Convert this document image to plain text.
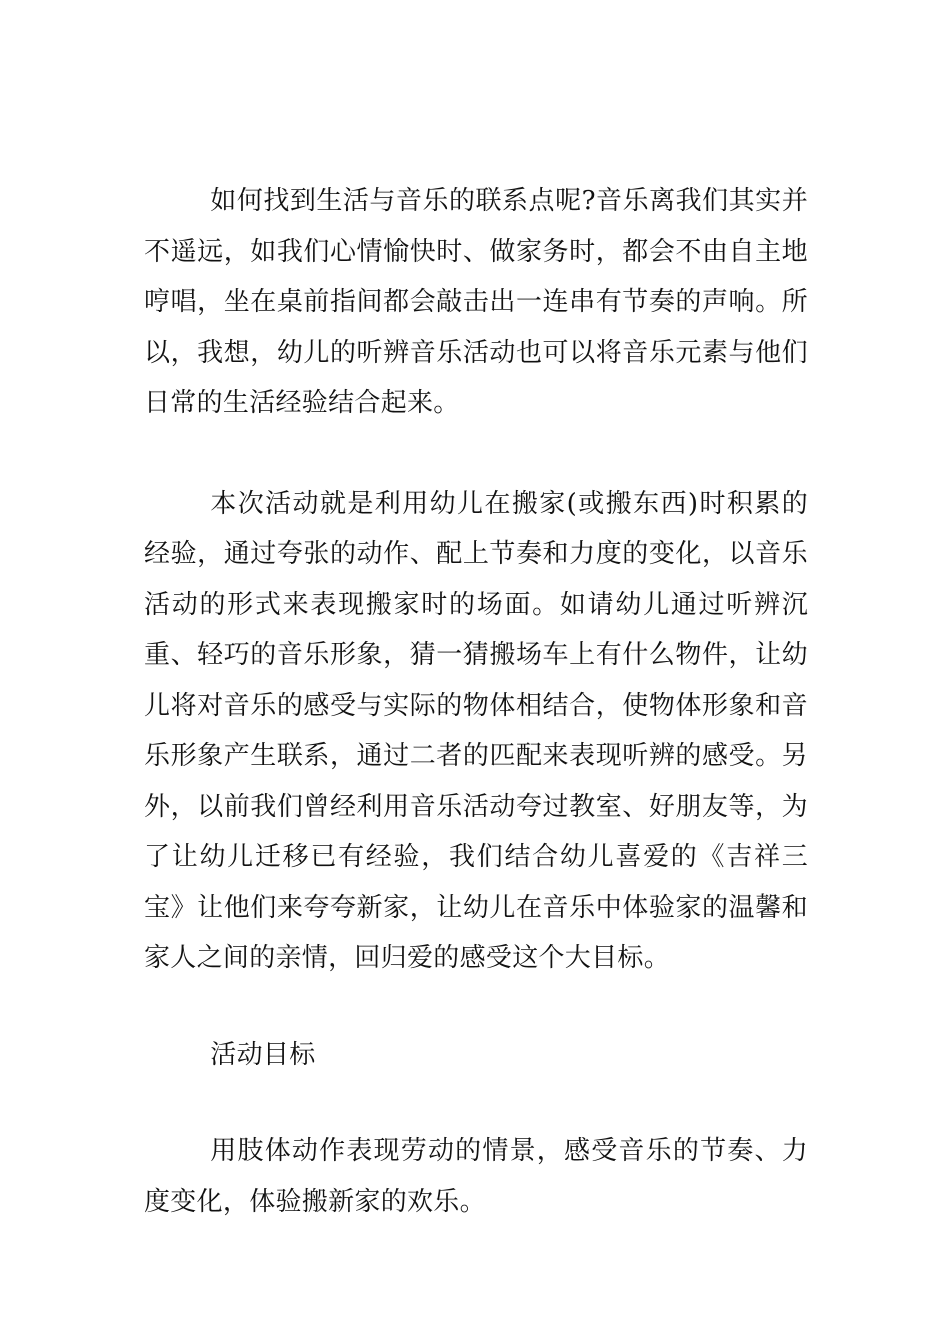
如何找到生活与音乐的联系点呢?音乐离我们其实并不遥远，如我们心情愉快时、做家务时，都会不由自主地哼唱，坐在桌前指间都会敲击出一连串有节奏的声响。所以，我想，幼儿的听辨音乐活动也可以将音乐元素与他们日常的生活经验结合起来。

本次活动就是利用幼儿在搬家(或搬东西)时积累的经验，通过夸张的动作、配上节奏和力度的变化，以音乐活动的形式来表现搬家时的场面。如请幼儿通过听辨沉重、轻巧的音乐形象，猜一猜搬场车上有什么物件，让幼儿将对音乐的感受与实际的物体相结合，使物体形象和音乐形象产生联系，通过二者的匹配来表现听辨的感受。另外，以前我们曾经利用音乐活动夸过教室、好朋友等，为了让幼儿迁移已有经验，我们结合幼儿喜爱的《吉祥三宝》让他们来夸夸新家，让幼儿在音乐中体验家的温馨和家人之间的亲情，回归爱的感受这个大目标。

活动目标

用肢体动作表现劳动的情景，感受音乐的节奏、力度变化，体验搬新家的欢乐。
